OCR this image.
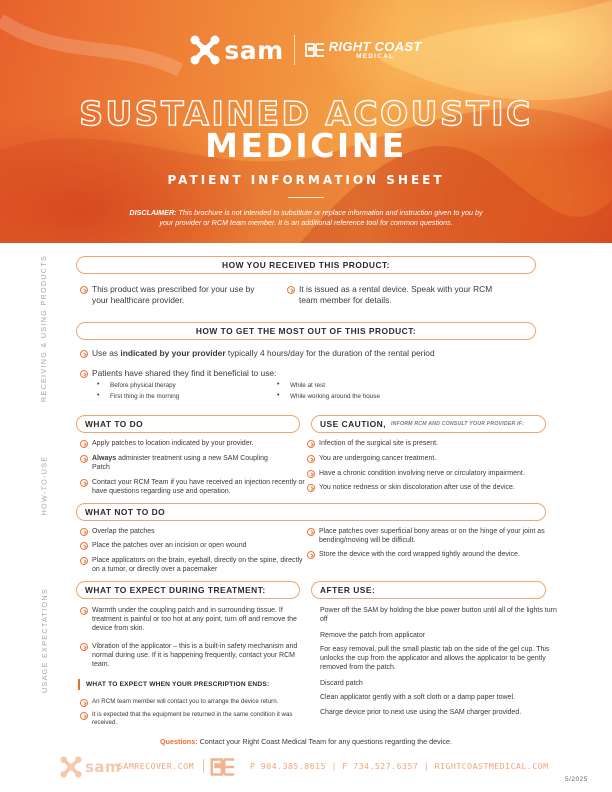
sam	RIGHT COAST
MEDICAL
SUSTAINED ACOUSTIC
MEDICINE
PATIENT INFORMATION SHEET
DISCLAIMER: This brochure is not intended to substitute or replace information and instruction given to you by your provider or RCM team member. It is an additional reference tool for common questions.
RECEIVING & USING PRODUCTS
HOW-TO-USE
USAGE EXPECTATIONS
HOW YOU RECEIVED THIS PRODUCT:
This product was prescribed for your use by your healthcare provider.
It is issued as a rental device. Speak with your RCM team member for details.
HOW TO GET THE MOST OUT OF THIS PRODUCT:
Use as indicated by your provider typically 4 hours/day for the duration of the rental period
Patients have shared they find it beneficial to use:
• Before physical therapy
• First thing in the morning
• While at rest
• While working around the house
WHAT TO DO	USE CAUTION, INFORM RCM AND CONSULT YOUR PROVIDER IF:
Apply patches to location indicated by your provider.
Always administer treatment using a new SAM Coupling Patch
Contact your RCM Team if you have received an injection recently or have questions regarding use and operation.
Infection of the surgical site is present.
You are undergoing cancer treatment.
Have a chronic condition involving nerve or circulatory impairment.
You notice redness or skin discoloration after use of the device.
WHAT NOT TO DO
Overlap the patches
Place the patches over an incision or open wound
Place applicators on the brain, eyeball, directly on the spine, directly on a tumor, or directly over a pacemaker
Place patches over superficial bony areas or on the hinge of your joint as bending/moving will be difficult.
Store the device with the cord wrapped tightly around the device.
WHAT TO EXPECT DURING TREATMENT:	AFTER USE:
Warmth under the coupling patch and in surrounding tissue. If treatment is painful or too hot at any point, turn off and remove the device from skin.
Vibration of the applicator – this is a built-in safety mechanism and normal during use. If it is happening frequently, contact your RCM team.
WHAT TO EXPECT WHEN YOUR PRESCRIPTION ENDS:
An RCM team member will contact you to arrange the device return.
It is expected that the equipment be returned in the same condition it was received.
Power off the SAM by holding the blue power button until all of the lights turn off
Remove the patch from applicator
For easy removal, pull the small plastic tab on the side of the gel cup. This unlocks the cup from the applicator and allows the applicator to be gently removed from the patch.
Discard patch
Clean applicator gently with a soft cloth or a damp paper towel.
Charge device prior to next use using the SAM charger provided.
Questions: Contact your Right Coast Medical Team for any questions regarding the device.
sam
SAMRECOVER.COM	P 904.385.8615 | F 734.527.6357 | RIGHTCOASTMEDICAL.COM
5/2025
